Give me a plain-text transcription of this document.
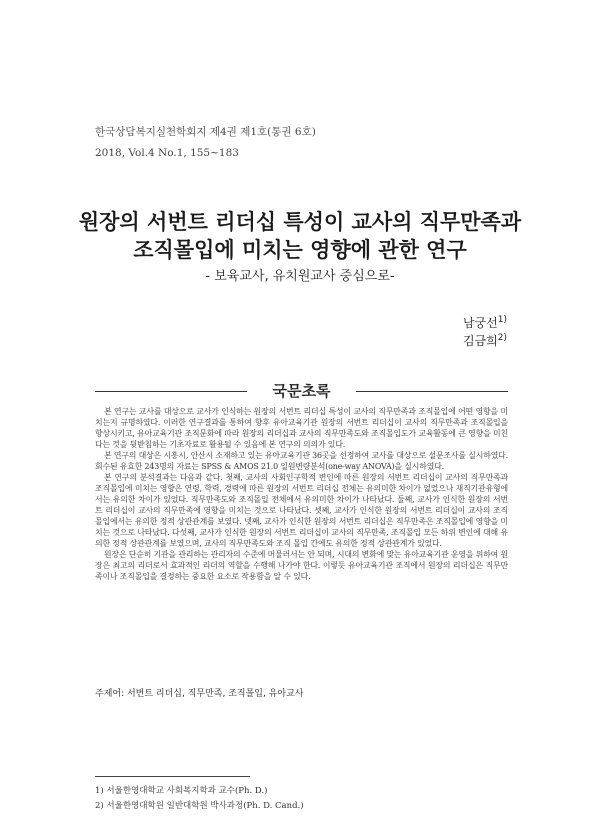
한국상담복지실천학회지 제4권 제1호(통권 6호)
2018, Vol.4 No.1, 155∼183
원장의 서번트 리더십 특성이 교사의 직무만족과
조직몰입에 미치는 영향에 관한 연구
- 보육교사, 유치원교사 중심으로-
남궁선$^{1)}$
김금희$^{2)}$
국문초록

본 연구는 교사를 대상으로 교사가 인식하는 원장의 서번트 리더십 특성이 교사의 직무만족과 조직몰입에 어떤 영향을 미치는지 규명하였다. 이러한 연구결과를 통하여 향후 유아교육기관 원장의 서번트 리더십이 교사의 직무만족과 조직몰입을 향상시키고, 유아교육기관 조직문화에 따라 원장의 리더십과 교사의 직무만족도와 조직몰입도가 교육활동에 큰 영향을 미친다는 것을 뒷받침하는 기초자료로 활용될 수 있음에 본 연구의 의의가 있다.

본 연구의 대상은 시흥시, 안산시 소재하고 있는 유아교육기관 36곳을 선정하여 교사를 대상으로 설문조사를 실시하였다. 회수된 유효한 243명의 자료는 SPSS & AMOS 21.0 일원변량분석(one-way ANOVA)을 실시하였다.

본 연구의 분석결과는 다음과 같다. 첫째, 교사의 사회인구학적 변인에 따른 원장의 서번트 리더십이 교사의 직무만족과 조직몰입에 미치는 영향은 연령, 학력, 경력에 따른 원장의 서번트 리더십 전체는 유의미한 차이가 없었으나 재직기관유형에서는 유의한 차이가 있었다. 직무만족도와 조직몰입 전체에서 유의미한 차이가 나타났다. 둘째, 교사가 인식한 원장의 서번트 리더십이 교사의 직무만족에 영향을 미치는 것으로 나타났다. 셋째, 교사가 인식한 원장의 서번트 리더십이 교사의 조직몰입에서는 유의한 정적 상관관계를 보였다. 넷째, 교사가 인식한 원장의 서번트 리더십은 직무만족은 조직몰입에 영향을 미치는 것으로 나타났다. 다섯째, 교사가 인식한 원장의 서번트 리더십이 교사의 직무만족, 조직몰입 모든 하위 변인에 대해 유의한 정적 상관관계를 보였으며, 교사의 직무만족도와 조직 몰입 간에도 유의한 정적 상관관계가 있었다.

원장은 단순히 기관을 관리하는 관리자의 수준에 머물러서는 안 되며, 시대의 변화에 맞는 유아교육기관 운영을 위하여 원장은 최고의 리더로서 효과적인 리더의 역할을 수행해 나가야 한다. 이렇듯 유아교육기관 조직에서 원장의 리더십은 직무만족이나 조직몰입을 결정하는 중요한 요소로 작용함을 알 수 있다.

주제어: 서번트 리더십, 직무만족, 조직몰입, 유아교사
1) 서울한영대학교 사회복지학과 교수(Ph. D.)
2) 서울한영대학원 일반대학원 박사과정(Ph. D. Cand.)
